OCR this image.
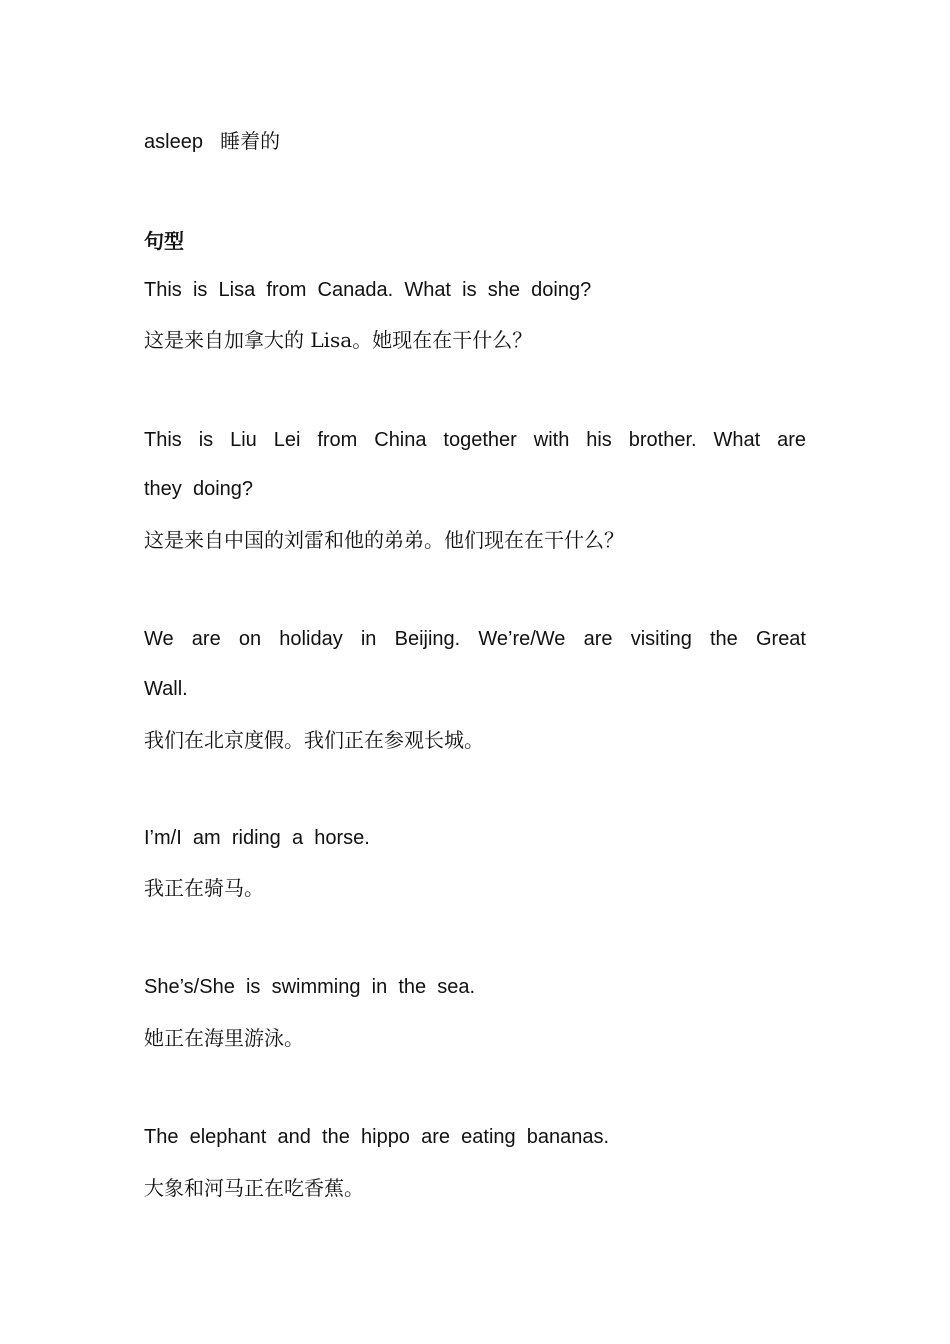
asleep 睡着的
句型
This is Lisa from Canada. What is she doing?
这是来自加拿大的 Lisa。她现在在干什么？
This is Liu Lei from China together with his brother. What are
they doing?
这是来自中国的刘雷和他的弟弟。他们现在在干什么？
We are on holiday in Beijing. We’re/We are visiting the Great
Wall.
我们在北京度假。我们正在参观长城。
I’m/I am riding a horse.
我正在骑马。
She’s/She is swimming in the sea.
她正在海里游泳。
The elephant and the hippo are eating bananas.
大象和河马正在吃香蕉。
